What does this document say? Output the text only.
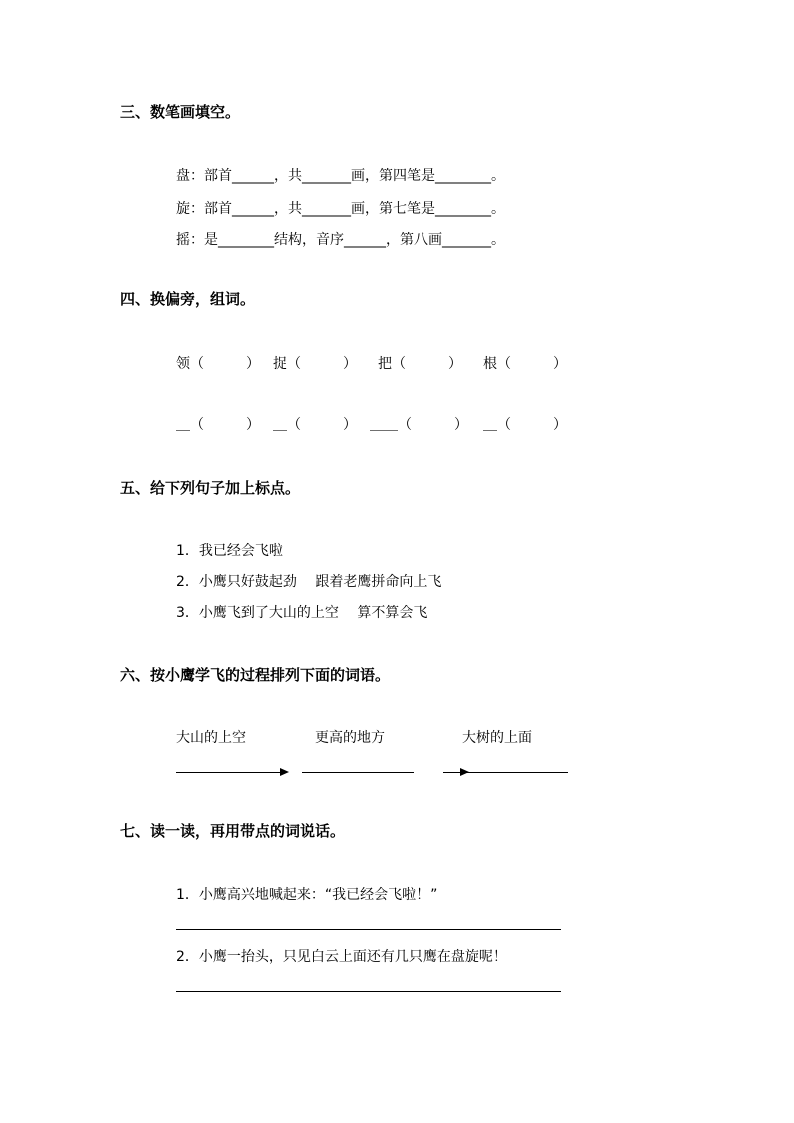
三、数笔画填空。
盘：部首______，共_______画，第四笔是________。
旋：部首______，共_______画，第七笔是________。
摇：是________结构，音序______，第八画_______。
四、换偏旁，组词。
领（　　　） 捉（　　　） 把（　　　） 根（　　　）
＿（　　　） ＿（　　　） ＿＿（　　　） ＿（　　　）
五、给下列句子加上标点。
1．我已经会飞啦
2．小鹰只好鼓起劲　 跟着老鹰拼命向上飞
3．小鹰飞到了大山的上空　 算不算会飞
六、按小鹰学飞的过程排列下面的词语。
大山的上空	更高的地方	大树的上面
七、读一读，再用带点的词说话。
1．小鹰高兴地喊起来：“我已经会飞啦！”
2．小鹰一抬头，只见白云上面还有几只鹰在盘旋呢！
